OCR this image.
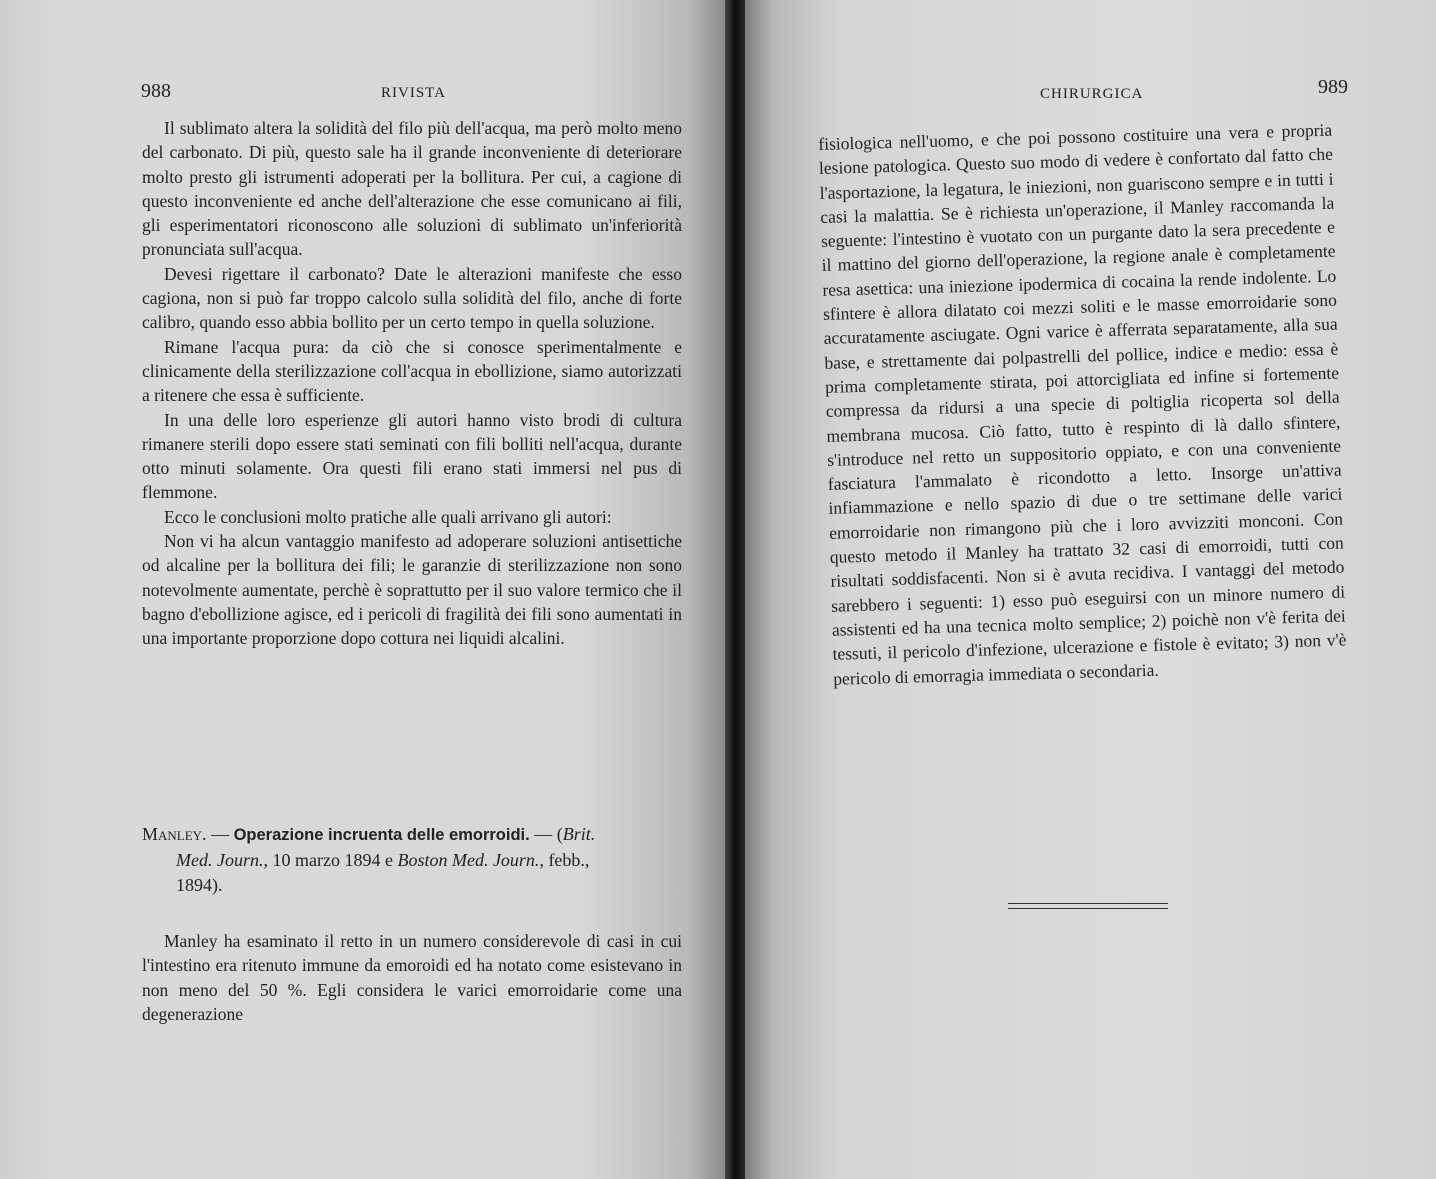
988	RIVISTA

Il sublimato altera la solidità del filo più dell'acqua, ma però molto meno del carbonato. Di più, questo sale ha il grande inconveniente di deteriorare molto presto gli istrumenti adoperati per la bollitura. Per cui, a cagione di questo inconveniente ed anche dell'alterazione che esse comunicano ai fili, gli esperimentatori riconoscono alle soluzioni di sublimato un'inferiorità pronunciata sull'acqua.

Devesi rigettare il carbonato? Date le alterazioni manifeste che esso cagiona, non si può far troppo calcolo sulla solidità del filo, anche di forte calibro, quando esso abbia bollito per un certo tempo in quella soluzione.

Rimane l'acqua pura: da ciò che si conosce sperimentalmente e clinicamente della sterilizzazione coll'acqua in ebollizione, siamo autorizzati a ritenere che essa è sufficiente.

In una delle loro esperienze gli autori hanno visto brodi di cultura rimanere sterili dopo essere stati seminati con fili bolliti nell'acqua, durante otto minuti solamente. Ora questi fili erano stati immersi nel pus di flemmone.

Ecco le conclusioni molto pratiche alle quali arrivano gli autori:

Non vi ha alcun vantaggio manifesto ad adoperare soluzioni antisettiche od alcaline per la bollitura dei fili; le garanzie di sterilizzazione non sono notevolmente aumentate, perchè è soprattutto per il suo valore termico che il bagno d'ebollizione agisce, ed i pericoli di fragilità dei fili sono aumentati in una importante proporzione dopo cottura nei liquidi alcalini.

Manley. — Operazione incruenta delle emorroidi. — (Brit.
Med. Journ., 10 marzo 1894 e Boston Med. Journ., febb.,
1894).

Manley ha esaminato il retto in un numero considerevole di casi in cui l'intestino era ritenuto immune da emoroidi ed ha notato come esistevano in non meno del 50 %. Egli considera le varici emorroidarie come una degenerazione

CHIRURGICA	989

fisiologica nell'uomo, e che poi possono costituire una vera e propria lesione patologica. Questo suo modo di vedere è confortato dal fatto che l'asportazione, la legatura, le iniezioni, non guariscono sempre e in tutti i casi la malattia. Se è richiesta un'operazione, il Manley raccomanda la seguente: l'intestino è vuotato con un purgante dato la sera precedente e il mattino del giorno dell'operazione, la regione anale è completamente resa asettica: una iniezione ipodermica di cocaina la rende indolente. Lo sfintere è allora dilatato coi mezzi soliti e le masse emorroidarie sono accuratamente asciugate. Ogni varice è afferrata separatamente, alla sua base, e strettamente dai polpastrelli del pollice, indice e medio: essa è prima completamente stirata, poi attorcigliata ed infine si fortemente compressa da ridursi a una specie di poltiglia ricoperta sol della membrana mucosa. Ciò fatto, tutto è respinto di là dallo sfintere, s'introduce nel retto un suppositorio oppiato, e con una conveniente fasciatura l'ammalato è ricondotto a letto. Insorge un'attiva infiammazione e nello spazio di due o tre settimane delle varici emorroidarie non rimangono più che i loro avvizziti monconi. Con questo metodo il Manley ha trattato 32 casi di emorroidi, tutti con risultati soddisfacenti. Non si è avuta recidiva. I vantaggi del metodo sarebbero i seguenti: 1) esso può eseguirsi con un minore numero di assistenti ed ha una tecnica molto semplice; 2) poichè non v'è ferita dei tessuti, il pericolo d'infezione, ulcerazione e fistole è evitato; 3) non v'è pericolo di emorragia immediata o secondaria.
